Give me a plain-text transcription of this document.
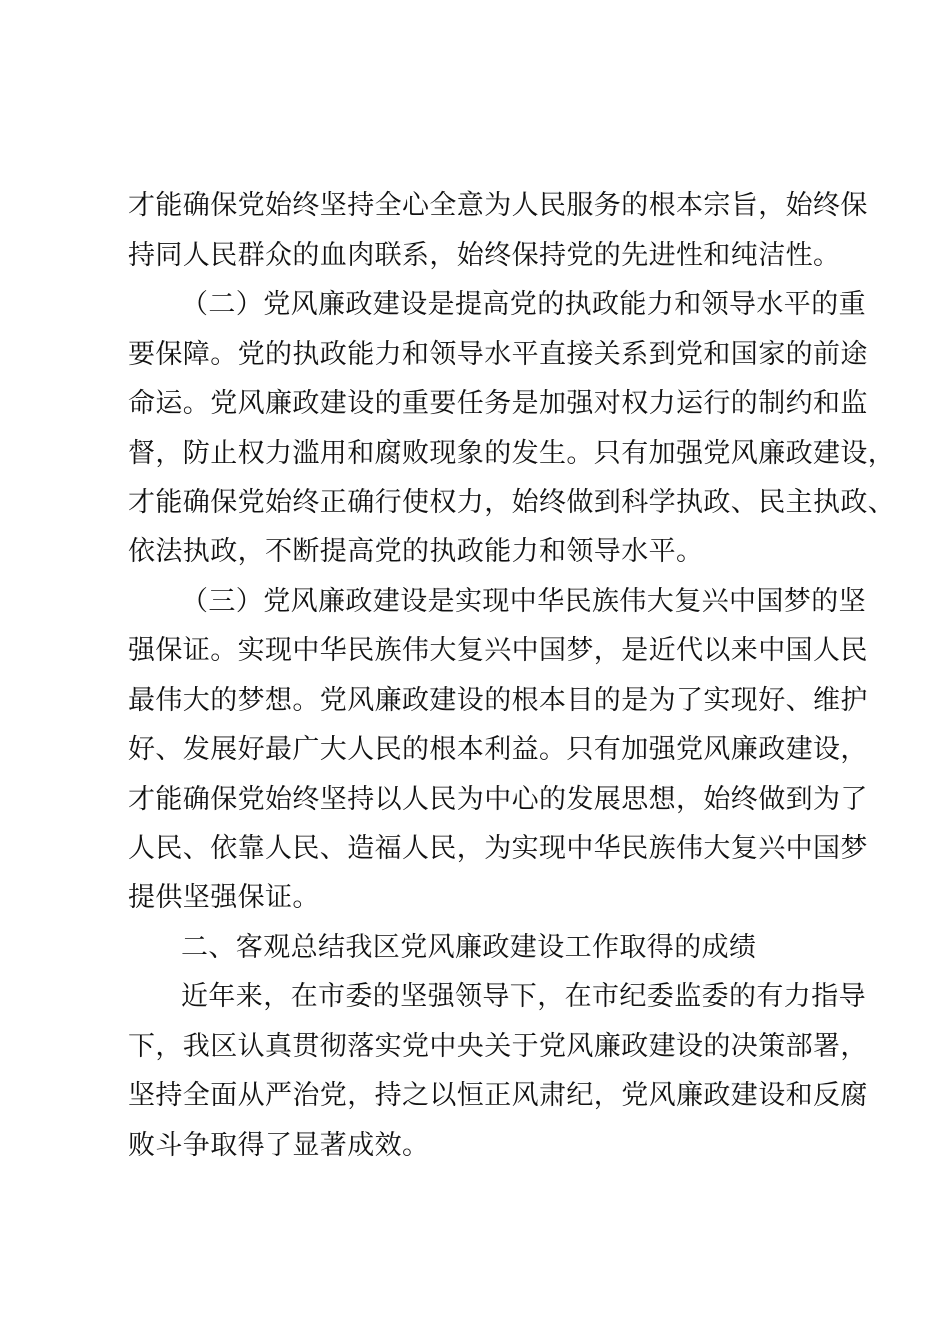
才能确保党始终坚持全心全意为人民服务的根本宗旨，始终保

持同人民群众的血肉联系，始终保持党的先进性和纯洁性。

（二）党风廉政建设是提高党的执政能力和领导水平的重

要保障。党的执政能力和领导水平直接关系到党和国家的前途

命运。党风廉政建设的重要任务是加强对权力运行的制约和监

督，防止权力滥用和腐败现象的发生。只有加强党风廉政建设，

才能确保党始终正确行使权力，始终做到科学执政、民主执政、

依法执政，不断提高党的执政能力和领导水平。

（三）党风廉政建设是实现中华民族伟大复兴中国梦的坚

强保证。实现中华民族伟大复兴中国梦，是近代以来中国人民

最伟大的梦想。党风廉政建设的根本目的是为了实现好、维护

好、发展好最广大人民的根本利益。只有加强党风廉政建设，

才能确保党始终坚持以人民为中心的发展思想，始终做到为了

人民、依靠人民、造福人民，为实现中华民族伟大复兴中国梦

提供坚强保证。

二、客观总结我区党风廉政建设工作取得的成绩

近年来，在市委的坚强领导下，在市纪委监委的有力指导

下，我区认真贯彻落实党中央关于党风廉政建设的决策部署，

坚持全面从严治党，持之以恒正风肃纪，党风廉政建设和反腐

败斗争取得了显著成效。
